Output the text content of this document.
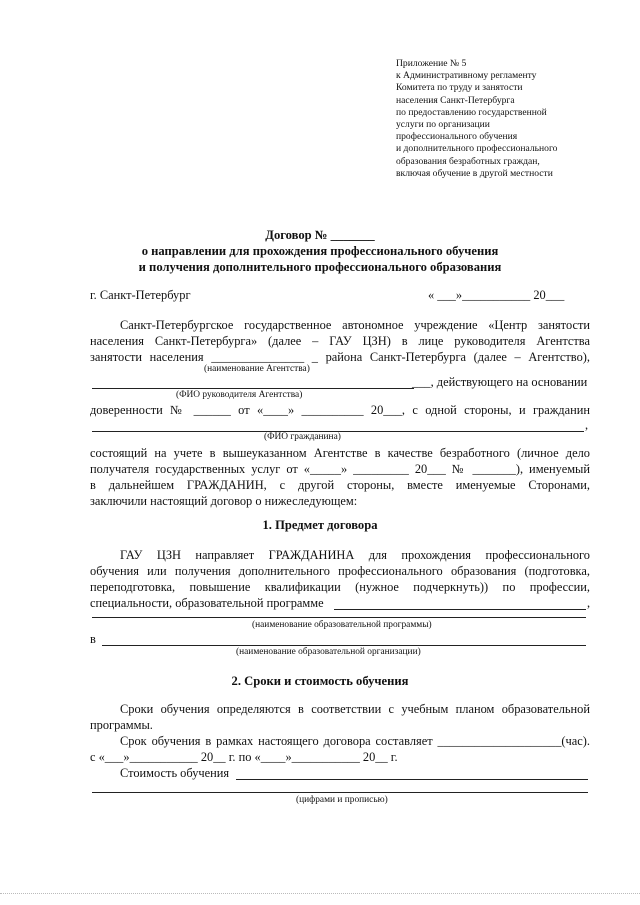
Приложение № 5
к Административному регламенту
Комитета по труду и занятости
населения Санкт-Петербурга
по предоставлению государственной
услуги по организации
профессионального обучения
и дополнительного профессионального
образования безработных граждан,
включая обучение в другой местности
Договор № _______
о направлении для прохождения профессионального обучения
и получения дополнительного профессионального образования
г. Санкт-Петербург	« ___»___________ 20___
Санкт-Петербургское государственное автономное учреждение «Центр занятости
населения Санкт-Петербурга» (далее – ГАУ ЦЗН) в лице руководителя Агентства
занятости населения _______________ _ района Санкт-Петербурга (далее – Агентство),
(наименование Агентства)
___, действующего на основании
(ФИО руководителя Агентства)
доверенности № ______ от «____» __________ 20___, с одной стороны, и гражданин
,
(ФИО гражданина)
состоящий на учете в вышеуказанном Агентстве в качестве безработного (личное дело
получателя государственных услуг от «_____» _________ 20___ № _______), именуемый
в дальнейшем ГРАЖДАНИН, с другой стороны, вместе именуемые Сторонами,
заключили настоящий договор о нижеследующем:
1. Предмет договора
ГАУ ЦЗН направляет ГРАЖДАНИНА для прохождения профессионального
обучения или получения дополнительного профессионального образования (подготовка,
переподготовка, повышение квалификации (нужное подчеркнуть)) по профессии,
специальности, образовательной программе	,
(наименование образовательной программы)
в
(наименование образовательной организации)
2. Сроки и стоимость обучения
Сроки обучения определяются в соответствии с учебным планом образовательной
программы.
Срок обучения в рамках настоящего договора составляет ____________________(час).
с «___»___________ 20__ г. по «____»___________ 20__ г.
Стоимость обучения
(цифрами и прописью)
